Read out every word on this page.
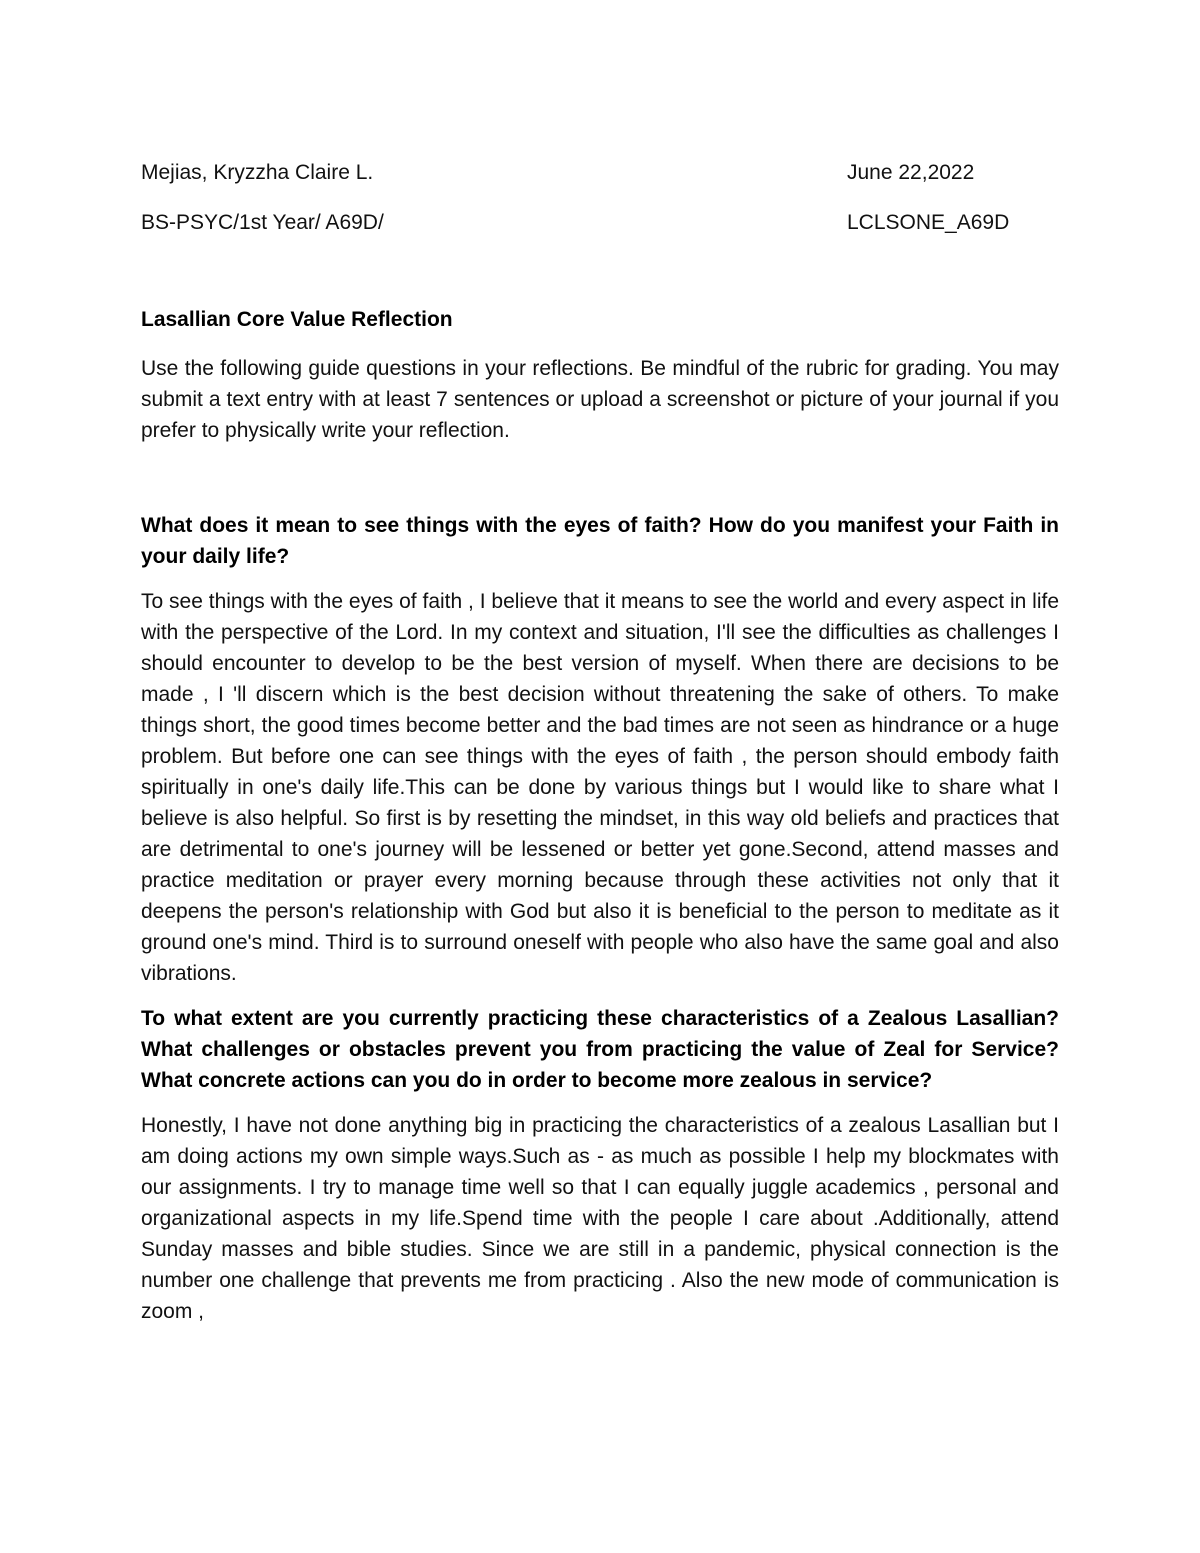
Mejias, Kryzzha Claire L.	June 22,2022
BS-PSYC/1st Year/ A69D/	LCLSONE_A69D
Lasallian Core Value Reflection

Use the following guide questions in your reflections. Be mindful of the rubric for grading. You may submit a text entry with at least 7 sentences or upload a screenshot or picture of your journal if you prefer to physically write your reflection.

What does it mean to see things with the eyes of faith? How do you manifest your Faith in your daily life?

To see things with the eyes of faith , I believe that it means to see the world and every aspect in life with the perspective of the Lord. In my context and situation, I'll see the difficulties as challenges I should encounter to develop to be the best version of myself. When there are decisions to be made , I 'll discern which is the best decision without threatening the sake of others. To make things short, the good times become better and the bad times are not seen as hindrance or a huge problem. But before one can see things with the eyes of faith , the person should embody faith spiritually in one's daily life.This can be done by various things but I would like to share what I believe is also helpful. So first is by resetting the mindset, in this way old beliefs and practices that are detrimental to one's journey will be lessened or better yet gone.Second, attend masses and practice meditation or prayer every morning because through these activities not only that it deepens the person's relationship with God but also it is beneficial to the person to meditate as it ground one's mind. Third is to surround oneself with people who also have the same goal and also vibrations.

To what extent are you currently practicing these characteristics of a Zealous Lasallian? What challenges or obstacles prevent you from practicing the value of Zeal for Service?What concrete actions can you do in order to become more zealous in service?

Honestly, I have not done anything big in practicing the characteristics of a zealous Lasallian but I am doing actions my own simple ways.Such as - as much as possible I help my blockmates with our assignments. I try to manage time well so that I can equally juggle academics , personal and organizational aspects in my life.Spend time with the people I care about .Additionally, attend Sunday masses and bible studies. Since we are still in a pandemic, physical connection is the number one challenge that prevents me from practicing . Also the new mode of communication is zoom ,
